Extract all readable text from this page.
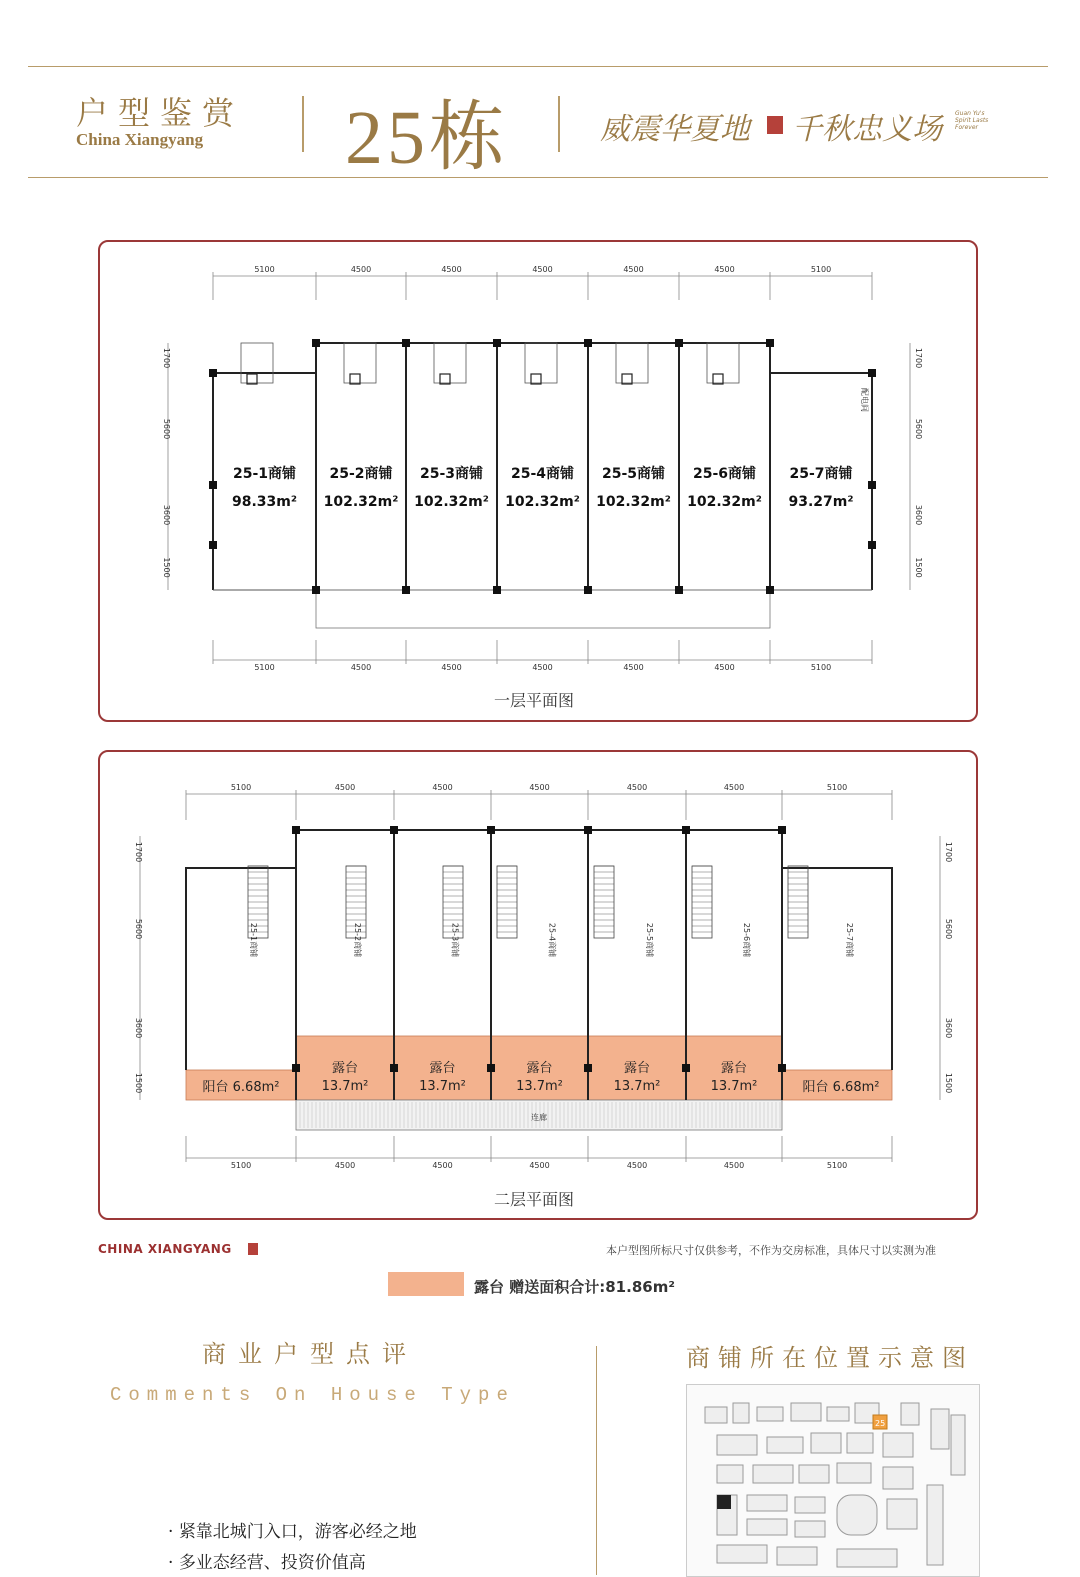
户型鉴赏
China Xiangyang 25栋	威震华夏地 千秋忠义场 Guan Yu's Spirit Lasts Forever
5100
5100
4500
4500
4500
4500
4500
4500
4500
4500
4500
4500
5100
5100
1700	1700
5600	5600
3600	3600
1500	1500
25-1商铺
98.33m²
25-2商铺
102.32m²
25-3商铺
102.32m²
25-4商铺
102.32m²
25-5商铺
102.32m²
25-6商铺
102.32m²
25-7商铺
93.27m²
配电间
5100
5100
4500
4500
4500
4500
4500
4500
4500
4500
4500
4500
5100
5100
1700	1700
5600	5600
3600	3600
1500	1500
连廊
25-1商铺	25-2商铺	25-3商铺	25-4商铺	25-5商铺	25-6商铺	25-7商铺
露台
13.7m²
露台
13.7m²
露台
13.7m²
露台
13.7m²
露台
13.7m²
阳台 6.68m²	阳台 6.68m²
一层平面图
二层平面图
CHINA XIANGYANG	本户型图所标尺寸仅供参考，不作为交房标准，具体尺寸以实测为准
露台 赠送面积合计:81.86m²
商业户型点评
Comments On House Type
· 紧靠北城门入口，游客必经之地
· 多业态经营、投资价值高
商铺所在位置示意图
25
